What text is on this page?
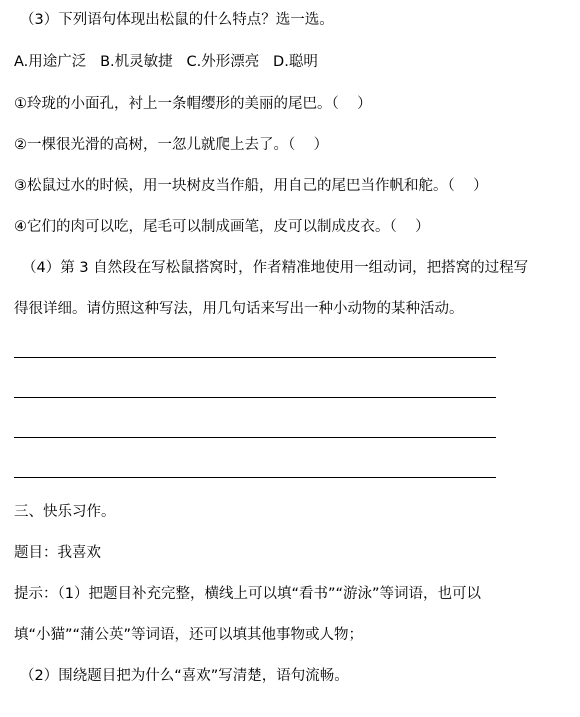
（3）下列语句体现出松鼠的什么特点？选一选。
A.用途广泛   B.机灵敏捷   C.外形漂亮   D.聪明
①玲珑的小面孔，衬上一条帽缨形的美丽的尾巴。（    ）
②一棵很光滑的高树，一忽儿就爬上去了。（    ）
③松鼠过水的时候，用一块树皮当作船，用自己的尾巴当作帆和舵。（    ）
④它们的肉可以吃，尾毛可以制成画笔，皮可以制成皮衣。（    ）
（4）第 3 自然段在写松鼠搭窝时，作者精准地使用一组动词，把搭窝的过程写
得很详细。请仿照这种写法，用几句话来写出一种小动物的某种活动。
三、快乐习作。
题目：我喜欢
提示：（1）把题目补充完整，横线上可以填“看书”“游泳”等词语，也可以
填“小猫”“蒲公英”等词语，还可以填其他事物或人物；
（2）围绕题目把为什么“喜欢”写清楚，语句流畅。
